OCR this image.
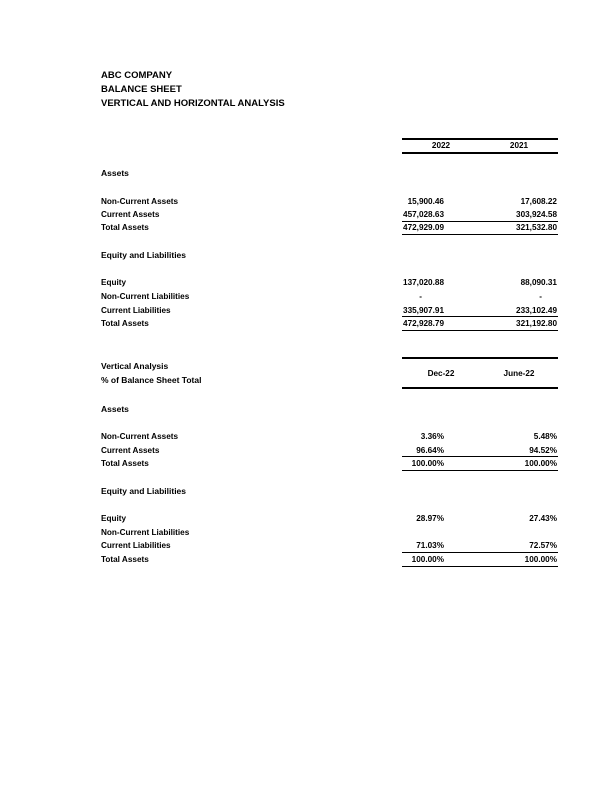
ABC COMPANY
BALANCE SHEET
VERTICAL AND HORIZONTAL ANALYSIS
2022	2021
Assets
Non-Current Assets	15,900.46	17,608.22
Current Assets	457,028.63	303,924.58
Total Assets	472,929.09	321,532.80
Equity and Liabilities
Equity	137,020.88	88,090.31
Non-Current Liabilities	-	-
Current Liabilities	335,907.91	233,102.49
Total Assets	472,928.79	321,192.80
Vertical Analysis
% of Balance Sheet Total
Dec-22	June-22
Assets
Non-Current Assets	3.36%	5.48%
Current Assets	96.64%	94.52%
Total Assets	100.00%	100.00%
Equity and Liabilities
Equity	28.97%	27.43%
Non-Current Liabilities
Current Liabilities	71.03%	72.57%
Total Assets	100.00%	100.00%
